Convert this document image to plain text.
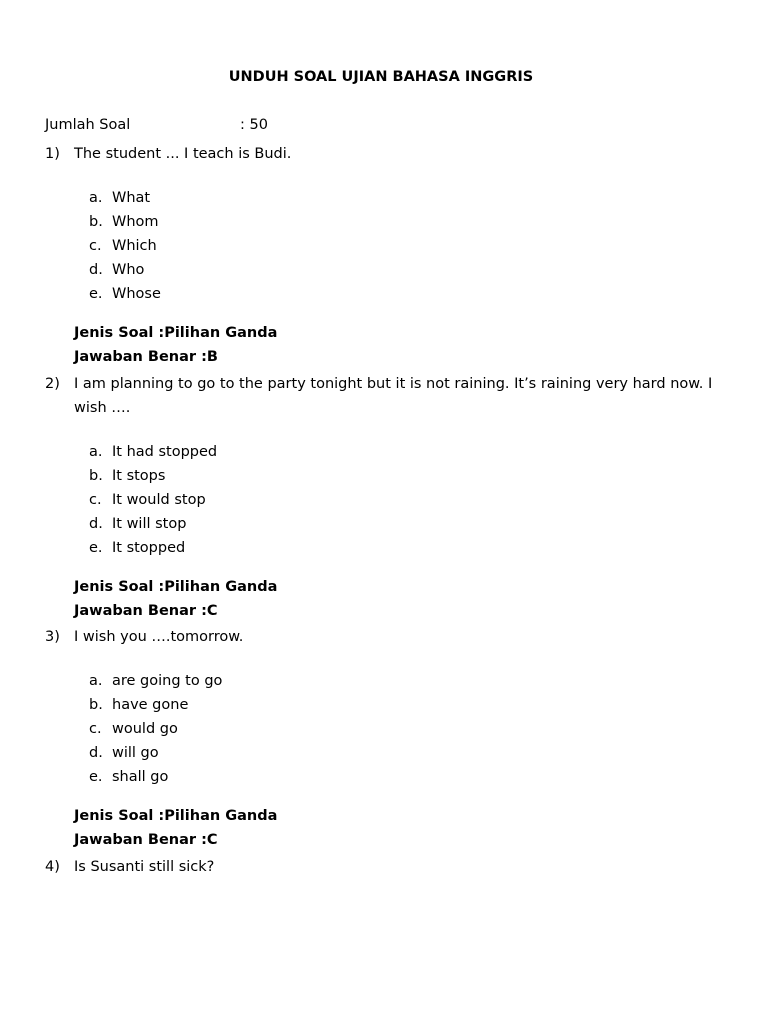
UNDUH SOAL UJIAN BAHASA INGGRIS
Jumlah Soal	: 50
1) The student ... I teach is Budi.
a. What
b. Whom
c. Which
d. Who
e. Whose
Jenis Soal :Pilihan Ganda
Jawaban Benar :B
2) I am planning to go to the party tonight but it is not raining. It’s raining very hard now. I wish ….
a. It had stopped
b. It stops
c. It would stop
d. It will stop
e. It stopped
Jenis Soal :Pilihan Ganda
Jawaban Benar :C
3) I wish you ….tomorrow.
a. are going to go
b. have gone
c. would go
d. will go
e. shall go
Jenis Soal :Pilihan Ganda
Jawaban Benar :C
4) Is Susanti still sick?
